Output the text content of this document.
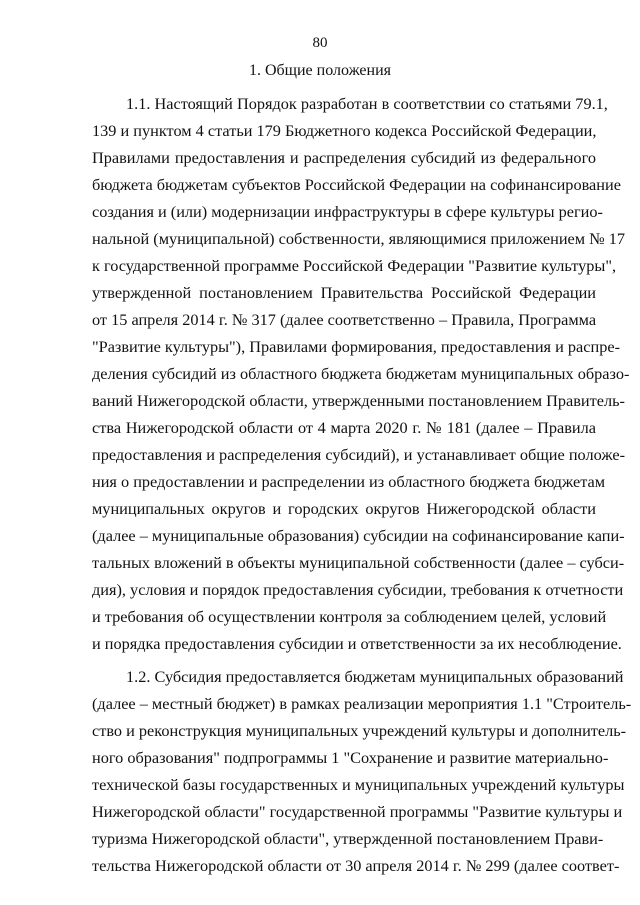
80
1. Общие положения

1.1. Настоящий Порядок разработан в соответствии со статьями 79.1,
139 и пунктом 4 статьи 179 Бюджетного кодекса Российской Федерации,
Правилами предоставления и распределения субсидий из федерального
бюджета бюджетам субъектов Российской Федерации на софинансирование
создания и (или) модернизации инфраструктуры в сфере культуры регио-
нальной (муниципальной) собственности, являющимися приложением № 17
к государственной программе Российской Федерации "Развитие культуры",
утвержденной постановлением Правительства Российской Федерации
от 15 апреля 2014 г. № 317 (далее соответственно – Правила, Программа
"Развитие культуры"), Правилами формирования, предоставления и распре-
деления субсидий из областного бюджета бюджетам муниципальных образо-
ваний Нижегородской области, утвержденными постановлением Правитель-
ства Нижегородской области от 4 марта 2020 г. № 181 (далее – Правила
предоставления и распределения субсидий), и устанавливает общие положе-
ния о предоставлении и распределении из областного бюджета бюджетам
муниципальных округов и городских округов Нижегородской области
(далее – муниципальные образования) субсидии на софинансирование капи-
тальных вложений в объекты муниципальной собственности (далее – субси-
дия), условия и порядок предоставления субсидии, требования к отчетности
и требования об осуществлении контроля за соблюдением целей, условий
и порядка предоставления субсидии и ответственности за их несоблюдение.

1.2. Субсидия предоставляется бюджетам муниципальных образований
(далее – местный бюджет) в рамках реализации мероприятия 1.1 "Строитель-
ство и реконструкция муниципальных учреждений культуры и дополнитель-
ного образования" подпрограммы 1 "Сохранение и развитие материально-
технической базы государственных и муниципальных учреждений культуры
Нижегородской области" государственной программы "Развитие культуры и
туризма Нижегородской области", утвержденной постановлением Прави-
тельства Нижегородской области от 30 апреля 2014 г. № 299 (далее соответ-
